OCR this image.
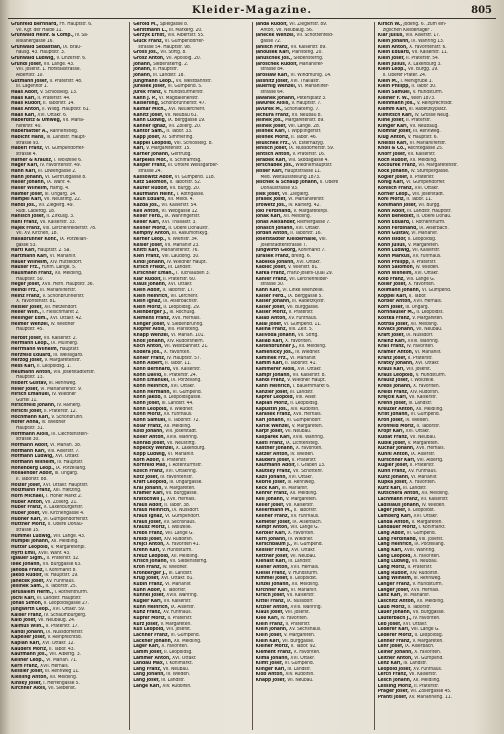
Kleider-Magazine.	805
Grünfeld Bernhard, Fh. Hauptstr. 6.
VII. Kgf. der Halde 11.
Grünwald Heinr. & Comp., IV. Sa-
lesianergasse 16.
Grünwald Sebastian, IX. Bräu-
hausg. 43. Hauptstr. 3.
Grünwald Ludwig, V. Linzerstr. 6.
Grundl Josef, VII. Lange. 43.
VIII. Josefst. 1. Hofstallstrasse.
Albertstr. 10.
Gutmann Josef, II. Praterstr. 48.
III. Lagenhof 1.
Haas Adolf, V. Schlosselg. 13.
Haas Karl, II. Praterstr. 44.
Haas Rudolf, II. Taborstr. 14.
Haas Anton, II. Wildg. Hauptstr. 61.
Haas Karl, XVI. Ottakr. 6.
Haberditz & Umweg, VII. Maria-
hilferstr. 40.
Habersatter A., Ranhenstieg.
Habicht Hans, III. Landstr. Haupt-
strasse 93.
Haberl Franz, VI. Gumpendorfer-
strasse 4.
Hafner & Krausz, I. Wollzeile 6.
Hager Karl, IV. Favoritenstr. 49.
Hahn Karl, III. Löwengasse 2.
Hahn Johann, VI. Gertrudgasse 8.
Haller Johann, IX. Währ. 4.
Haller Wilhelm, Hamg. 4.
Halmer Josef, III. Ungarg. 14.
Hampel Karl, VII. Neustiftg. 22.
Handl Jos., VII. Zieglerg. 49.
Rüdl. Laberdg. 18.
Hanisch Josef, II. Zirkusg. 3.
Hanl Franz, VII. Kaiserstr. 33.
Hajek Franz, VIII. Lerchenfelderstr. 78.
VII. XV. Kirchen, 18.
Hallabrunner Konr., IX. Porzellan-
gasse 53.
Hartl Karl, Hauptstr. 2. Sa.
Hartmann Karl, VI. Mariahilf.
Hauer Wilhelm, XIV. Hütteldorf.
Hauser Frz., Fünfh. Lange. 5.
Hausmann Franz, XII. Meidling,
Hauptstr. 50.
Heger Josef, XVII. Hern. Hauptstr. 36.
Heindl Frz., III. Mariahilferstr.
Heinz Franz, V. Schönbrunnerstr.
X. Favoritenstr. 81.
Heisler Josef, XII. Hetzendorf.
Heller Wilh., I. Fleischmarkt 2.
Hellinger Edm., XVI. Ottakr. 42.
Helmer Wenzel, IV. Wiedner
Hauptstr. 45.
Herbst Josef, VII. Kaiserstr. 2.
Hermann Leop., IX. Müllnerg.
Herrmann Wilhelm, Hauptstr.
Herzfeld Eduard, III. Weissgärb.
Herzog Josef, V. Margaretenstr.
Hess Karl, II. Leopoldsg. 1.
Heumann Anton, VIII. Josefstädterstr.
Hauptstr. 13.
Hilbert Gustav, III. Rennweg.
Hiller Josef, VI. Mariahilferstr. 9.
Hirsch Emanuel, IV. Wiedner
Gürtel 11.
Hirschfeld Johann, IV. Rainerg.
Hirschl Josef, II. Praterstr. 12.
Hochmann Karl, V. Schönbrunn.
Hofer Anna, IV. Wiedner
Hauptstr. 31.
Hoffmann Alois, IX. Liechtenstein-
strasse 30.
Hofmann Adolf, VI. Mariah. 38.
Hofmann Karl, VIII. Alserstr. 7.
Hofmann Ludwig, XVI. Ottakr.
Hofmann Wilhelm, IV. Hauptstr.
Hohenberg Leop., IX. Porzellang.
Hollaender Adolf, III. Ungarg.
II. Taborstr. 88.
Holzer Josef, XVI. Ottakr. Hauptstr.
Holzmann Franz, XIII. Hietzing.
Horn Michael, I. Hoher Markt 2.
Huber Anton, VII. Zollerg. 21.
Huber Franz, X. Laxenburgerstr.
Huber Josef, VII. Kirchengasse 4.
Hübner Karl, VI. Gumpendorferstr.
Hüttner Moriz, II. Obere Donau-
strasse 15.
Hummel Ludwig, VIII. Lange. 43.
Humpel Johann, XII. Meidling.
Hutter Leopold, V. Margaretenpl.
Hyrtl Emil, XVIII. Währ. 43.
Iglauer Sigm., II. Praterstr. 32.
Illek Johann, VII. Burggasse 63.
Jahoda Franz, I. Kohlmarkt 8.
Jakob Rudolf, IV. Hauptstr. 19.
Janecek Josef, XV. Fünfhaus.
Jellinek Sam., II. Taborstr. 25.
Jerusalem Herm., I. Rothenthurm.
Jöchl Karl, III. Landstr. Hauptstr.
Jonas Simon, II. Leopoldsgasse 27.
Jungwirth Leop., XVI. Ottakr. 59.
Kaiser Franz, IV. Schaumburgerg.
Kalb Josef, VII. Neubaug. 24.
Kalmus Wilh., II. Praterstr. 17.
Kandl Johann, IX. Nussdorferstr.
Kapeller Josef, V. Reinprechtsd.
Kaplan Karl, XVI. Ottakr. 12.
Kauders Moriz, II. Tabor. 43.
Kaufmann Jos., VIII. Albertg. 3.
Kellner Leop., VI. Mariah. 71.
Kern Franz, XVII. Hernals.
Kessler Josef, III. Rennweg 11.
Kiesling Anton, XII. Meidling.
Kinsky Josef, I. Herrengasse 5.
Kirchner Alois, VII. Siebenst.
Gerold M., Spielgasse 8.
Gerstmann L., III. Marxerg. 20.
Gerzyk Ernst, VIII. Albertstr. 55.
Glück Franz, VI. Gumpendorfer-
strasse 54. Hauptstr. 98.
Gross Jos., VII. Stiftg. 8.
Grosz Anton, VII. Apolloig. 20.
Johann, Siebensterng. 2.
Johann, II. Hauptstr.
Johann, III. Landstr. 18.
Jungmann Leop., VII. Westbahnstr.
Jurasek Josef, VI. Gumpend. 5.
Jurek Franz, V. Hundsturmerstr.
Kahn J. P., VI. Magdalenenstr.
Kaiserling, Schönbrunnerstr. 47.
Kalmar Mich., XVI. Neulerchenf.
Kanitz Josef, VII. Neubau 61.
Kann Ludwig, IX. Berggasse 19.
Kanner Ignaz, VII. Zollerg. 20.
Kantor Sam., II. Tabor. 33.
Kapp Josef, XI. Simmering.
Kappel Leopold, VIII. Schlösselg. 8.
Karl, V. Margaretenstr. 15.
Karner Johann, Gertrudg.
Karpeles Mor., II. Schiffamtsg.
Kasper Franz, III. Untere Weissgärber-
strasse 24.
Kassowitz Adolf, VI. Gumpend. 118.
Katz Salomon, II. Taborstr. 52.
Kaufer Rudolf, VII. Burgg. 20.
Kaufmann Heinr., I. Rothgasse.
Kaun Eduard, XII. Meidl. 4.
Kazda Jos., VII. Kaiserstr. 54.
Keil Anton, VI. Webgasse 12.
Keller Ferd., IX. Wahringerstr.
Keller Karl, XVI. Thaliastr. 3.
Kellner Moriz, II. Obere Donaustr.
Kempny Anton, III. Rasumofskyg.
Kerner Leop., V. Wienstr. 34.
Kesler Josef, VII. Mariahilf 23.
Khittl Karl, Mariahilferstr. 76.
Kien Franz, VIII. Laudong. 30.
Kindl Johann, IV. Wiedner Haupt.
Kirsch Friedr., III. Landstr.
Kirschner Eman., I. Tuchlauben 3.
Klar Rudolf, II. Praterstr. 60.
Klaus Johann, XVI. Ottakr.
Klein Adolf, II. Taborstr. 17.
Klein Heinrich, VII. Lerchenf.
Klein Ignaz, IX. Alserbachstr.
Klein Moriz, II. Leopoldsg. 29.
Kleinberger J., III. Rochusg.
Klemens Franz, XVII. Hernals.
Klinger Josef, V. Siebenbrunng.
Klopfer Alois, VIII. Piaristeng.
Knapp Wenzel, VI. Mariah. 101.
Knoll Johann, XIV. Rudolfsheim.
Koch Anton, VII. Westbahnstr. 21.
Kodera Jos., X. Favoriten.
Köhler Franz, IV. Hauptstr. 57.
Kohn Albert, II. Tabor. 11.
Kohn Bernhard, VII. Kaiserstr.
Kohn David, II. Praterstr. 24.
Kohn Emanuel, IX. Porzellang.
Kohn Heinrich, XVI. Ottakr.
Kohn Hermann, VI. Gumpend.
Kohn Jakob, II. Leopoldsgasse.
Kohn Josef, III. Landstr. 44.
Kohn Leopold, V. Wiedner.
Kohn Moriz, XV. Fünfhaus.
Kohn Samuel, II. Taborstr. 72.
Kolar Franz, XII. Meidling.
Kolb Johann, VIII. Josefstädt.
Koller Anton, XVIII. Währing.
Konrad Josef, VII. Neustiftg.
Kopecky Wenzel, X. Laxenburg.
Kopp Ludwig, VI. Mariahilf.
Korn Adolf, II. Praterstr.
Kornfeld Max, I. Rotenturmstr.
Kosch Franz, XVI. Ottakring.
Kotz Josef, IV. Favoritenstr.
Kraft Leopold, III. Ungargasse.
Kral Johann, V. Margareten.
Kramer Karl, VII. Burggasse.
Kratochwil J., XVII. Hernals.
Kraus Adolf, II. Tabor. 38.
Kraus Heinrich, IX. Nussdorf.
Kraus Ignaz, VI. Gumpendorf.
Kraus Josef, XV. Sechshaus.
Krausz Moriz, I. Wollzeile.
Krebs Franz, VIII. Lange G.
Kreidl Josef, XIV. Rudolfsh.
Krejci Anton, X. Favoriten 41.
Krenn Karl, V. Hundsturm.
Kreuz Leopold, XII. Meidling.
Krisch Johann, VII. Siebensterng.
Kroh Franz, IV. Wiedner.
Kronberger J., III. Landstr.
Krug Josef, XVI. Ottakr. 81.
Kubin Franz, VI. Mariahilf.
Kühn Adolf, II. Taborstr.
Kühnel Josef, XVIII. Währing.
Kugler Karl, VII. Kaiserstr.
Kuhn Heinrich, IX. Alserstr.
Kunz Franz, XV. Fünfhaus.
Kupfer Moriz, II. Praterstr.
Kurz Josef, V. Margareten.
Kux Leopold, VIII. Josefst.
Lachner Franz, VI. Gumpend.
Lackner Johann, XII. Meidling.
Lager Karl, X. Favoriten.
Lamm Josef, II. Leopoldsg.
Lammer Anton, XVI. Ottakr.
Landau Max, I. Kohlmarkt.
Lang Franz, VII. Neubau.
Lang Johann, IV. Wieden.
Lang Josef, III. Landstr.
Lange Karl, XIV. Rudolfsh.
Janda Rudolf, VII. Zieglerstr. 89.
Anton, VII. Neubaug. 56.
Janecek Wenzel, VII. Schottenfeld-
gasse 72.
Janisch Franz, VII. Kaiserstr. 89.
Janousek Karl, Piaristeng. 20.
Januschek Jos., Siebensterng.
Jaroschek Rudolf, Mariahilfer-
strasse 84.
Jaroslaw Karl, VI. Windmühlg. 14.
Jassnitz Josef, XVI. Thaliastr.
Jauernig Wenzel, VI. Mariahilfer-
strasse 64.
Jawanek Johann, Petersplatz 3.
Jawurek Alois, V. Hauptstr. 7.
Javurek M., Schönlaterng. 7.
Jechura Franz, VII. Neubau 8.
Jelinek Jos., Margaretenstr. 89.
Jelinek Josef, VIII. Lange. 28.
Jellinek Karl, I. Wipplingerstr.
Jellinek Moriz, II. Tabor. 46.
Jeluschek Frz., VI. Esterhazyg.
Jenisch Josef, IX. Nussdorferstr. 59.
Jentsch Anton, V. Praterstr. 16.
Jerabek Karl, VIII. Skodagasse 4.
Jerschabek Jos., Wiednerhauptstr.
Jesser Karl, Hauptstrasse 11.
Med. Weltausstellung 1873.
Jeschek & Schaup Johann, II. Obere
Donaustrasse 93.
Jilek Josef, VII. Zieglerg.
Jirasek Josef, VI. Mariahilferstr.
Jirowetz Jos., IV. Rainerg. 42.
Jokl Ferdinand, V. Margaretenpl.
Jonak Karl, XII. Meidling.
Jonas Alexander, Riemergasse 7.
Jonasch Johann, XVI. Ottakr.
Jordan Anton, II. Taborstr. 16.
Josefstädter Kleiderhalle, VIII.
Josefstädterstrasse 7.
Jungwirth Georg, Kohlmarkt 7.
Jurasek Franz, Breitg. 6.
Kabelka Johann, XVI. Ottakr.
Kadlec Josef, V. Wienstr. 81.
Kafka Franz, Franz-Josefs-Quai 29.
Kahler Franz, VII. Lerchenfelder-
strasse 30.
Kahn Karl, VI. Linke Wienzeile.
Kaiser Ferd., IX. Berggasse 5.
Kaiser Johann, III. Radetzkystr.
Kaiser Josef, VII. Burggasse.
Kaiser Moriz, II. Praterstr.
Kalab Anton, XV. Fünfhaus.
Kalal Josef, VI. Gumpend. 11.
Kalina Franz, VIII. Zelt. 5.
Kalivoda Johann, VII. Stiftg.
Kallab Karl, X. Favoriten.
Kaltenbrunner J., XII. Meidling.
Kamenicky Jos., IV. Wiedner.
Kaminek Frz., VI. Mariahilf.
Kamm Karl, II. Taborstr. 41.
Kammerer Alois, XVI. Ottakr.
Kampf Johann, VII. Kaiserstr. 8.
Kandl Franz, V. Wiedner Haupt.
Kann Heinrich, I. Bauernmarkt 6.
Kanzler Josef, III. Landstr.
Kapfer Leopold, VIII. Alser.
Kaplan Moriz, II. Leopoldsg.
Kapustin Jos., XIV. Rudolfsh.
Karasek Franz, XVII. Hernals.
Karl Johann, VI. Gumpendorf.
Karlik Wenzel, V. Margareten.
Karpf Josef, VII. Neubau.
Kasparek Karl, XVIII. Währing.
Kastl Franz, IX. Lichtensteg.
Kastner Johann, X. Favoriten.
Katzer Anton, IV. Wieden.
Kauders Josef, II. Praterstr.
Kaufmann Adolf, I. Graben 13.
Kautsky Franz, VII. Schottenf.
Kazil Johann, XVI. Ottakr.
Kebrle Josef, III. Rennweg.
Keck Karl, VI. Mariahilf.
Kehrer Franz, XII. Meidling.
Keil Johann, V. Margareten.
Keller Josef, VII. Kaiserstr.
Kellermann M., II. Taborstr.
Kellner Franz, XV. Fünfhaus.
Kemeter Josef, IX. Alserbach.
Kempf Anton, VIII. Lange G.
Kerbler Karl, X. Favoriten.
Kern Johann, IV. Wiedner.
Kerschbaum J., VI. Gumpend.
Kessler Franz, XVI. Ottakr.
Kettner Josef, VII. Neubau.
Kienast Karl, III. Landstr.
Kiener Anton, XVII. Hernals.
Kiesel Franz, V. Hundsturm.
Kimmel Josef, II. Leopoldst.
Kinzel Johann, XII. Meidling.
Kirchner Karl, VI. Mariahilf.
Kirsch Josef, VII. Kaiserstr.
Kittel Franz, IX. Nussdorf.
Kitzler Anton, XVIII. Währing.
Klaus Josef, VIII. Josefst.
Klee Karl, IV. Favoriten.
Klein Franz, II. Praterstr.
Klein Johann, XV. Sechshaus.
Klein Josef, V. Margareten.
Klein Karl, VII. Burggasse.
Kleiner Moriz, II. Tabor. 92.
Klement Franz, X. Favoriten.
Klima Johann, XVI. Ottakr.
Klimt Josef, VI. Gumpend.
Klinger Karl, III. Landstr.
Klob Anton, XIV. Rudolfsh.
Knapp Josef, VII. Neubau.
Kirsch W., Jodeng. 6. ‚zum ein-
ziglichen Kleiderlager‘.
Klar Julius, VIII. Alserstr. 17.
Klein Johann, IX. Währing 13.
Klein Anton, X. Favoritenstr. 6.
Klein Eduard, VII. Kaiserstr. 11.
Klein Josef, II. Praterstr. 54.
Klein Julius, X. Laxenburg 3.
Klein Leop., VII. Burgg. 19.
II. Oberer Prater. 24.
Klein M., I. Mehlgrube 1.
Klein Philipp, II. Tabor 30.
Klein Samuel, V. Hundsturm.
Kleiner F. W., Wien 1873.
Kleinmann Jos., V. Reinprechtsdf.
Klemm Karl, III. Radetzkyplatz.
Klimitsch Karl, IV. Grosse Neug.
Kline Josef, II. Praterstr.
Klinger Karl, VII. Neubaug.
Klomfar Josef, III. Rennweg.
Klug Anton, V. Hauptstr. 6.
Kneissl Karl, VI. Mariahilferstr.
Knoll & Co., Rechtegasse 25.
Knorr Josef, VII. Kaiserstr.
Koch Rudolf, XII. Meidling.
Kocourek Franz, VII. Margaretenstr.
Köck Johann, IV. Stumpergasse.
Kögler Josef, II. Praterstr.
König Karl, VI. Gumpendorfer.
Könisch Franz, XVI. Ottakr.
Körner Leop., VIII. Josefstädt.
Kohl Moriz, II. Tabor. 11.
Kohlmann Josef, VII. Burgg.
Kohn Adolf, III. Landstr. Hauptstr.
Kohn Benedikt, II. Obere Donau.
Kohn Eduard, I. Rothenthurm.
Kohn Ferdinand, IX. Alserbach.
Kohn Gustav, VI. Mariahilf.
Kohn Isidor, II. Leopoldsg.
Kohn Julius, V. Margareten.
Kohn Ludwig, VII. Kaiserstr.
Kohn Markus, XV. Fünfhaus.
Kohn Philipp, II. Praterstr.
Kohn Salomon, IV. Wieden.
Kohn Wilhelm, XVI. Ottakr.
Kolb Franz, VIII. Lange G.
Koller Josef, X. Favoriten.
Kollmann Johann, VI. Gumpend.
Koppel Karl, II. Tabor.
Korber Anton, XVII. Hernals.
Korn Josef, III. Ungarg.
Kornhauser M., II. Leopoldst.
Kostka Franz, V. Margareten.
Kotrba Josef, XII. Meidling.
Kovacs Johann, VII. Neubau.
Kraft Josef, IX. Nussdorf.
Krainz Karl, XVIII. Währing.
Krall Franz, IV. Favoriten.
Kramer Anton, VI. Mariahilf.
Kranz Josef, II. Praterstr.
Kratky Johann, XVI. Ottakr.
Kraus Karl, VIII. Josefst.
Kraus Leopold, V. Hundsturm.
Krausz Josef, I. Wollzeile.
Krebs Johann, X. Favoriten.
Kreidl Franz, XIV. Rudolfsh.
Krejcik Karl, VII. Kaiserstr.
Krenn Josef, III. Landstr.
Kreuzer Anton, XII. Meidling.
Krist Johann, VI. Gumpend.
Kroh Josef, IV. Wieden.
Kronfeld Moriz, II. Taborstr.
Kropf Karl, XVI. Ottakr.
Kubat Franz, VII. Neubau.
Kubik Josef, V. Margareten.
Kuchar Johann, XVII. Hernals.
Kühnl Anton, IX. Alserstr.
Kürschner Karl, VIII. Albertg.
Kugler Josef, II. Praterstr.
Kuhn Franz, XV. Fünfhaus.
Kunz Johann, VI. Mariahilf.
Kupka Josef, X. Favoriten.
Kurz Karl, III. Landstr.
Kutschera Anton, XII. Meidling.
Lachmann Franz, VII. Kaiserstr.
Ladislaus Johann, IV. Wieden.
Lager Josef, II. Leopoldst.
Lamberg Karl, XVI. Ottakr.
Landa Anton, V. Margareten.
Landauer Moriz, I. Kohlmarkt.
Lang Adolf, VI. Gumpend.
Lang Ferdinand, VIII. Josefst.
Lang Heinrich, IX. Porzellang.
Lang Karl, XVIII. Währing.
Lang Leopold, X. Favoriten.
Lang Ludwig, VII. Neubau.
Lang Moriz, II. Praterstr.
Lang Rudolf, XIV. Rudolfsh.
Lang Wilhelm, III. Rennweg.
Langer Franz, V. Hundsturm.
Langer Josef, XVII. Hernals.
Lanz Karl, VI. Mariahilf.
Laschitz Anton, XII. Meidling.
Laub Moriz, II. Taborstr.
Lauer Johann, VII. Burggasse.
Lauterbach J., IV. Favoriten.
Leb Josef, XVI. Ottakr.
Lederer Karl, VIII. Lange G.
Lederer Moriz, II. Leopoldsg.
Lehner Franz, V. Margareten.
Lehr Josef, IX. Alserbach.
Leiner Johann, X. Favoriten.
Leitner Anton, VI. Gumpend.
Lenz Karl, III. Landstr.
Leopold Josef, XV. Fünfhaus.
Lerch Franz, VII. Kaiserstr.
Lesch Johann, XII. Meidling.
Lessing Moriz, II. Praterstr.
Prager Josef, VII. Zollergasse 45.
Prantl Josef, XV. Marianneng. 11.
